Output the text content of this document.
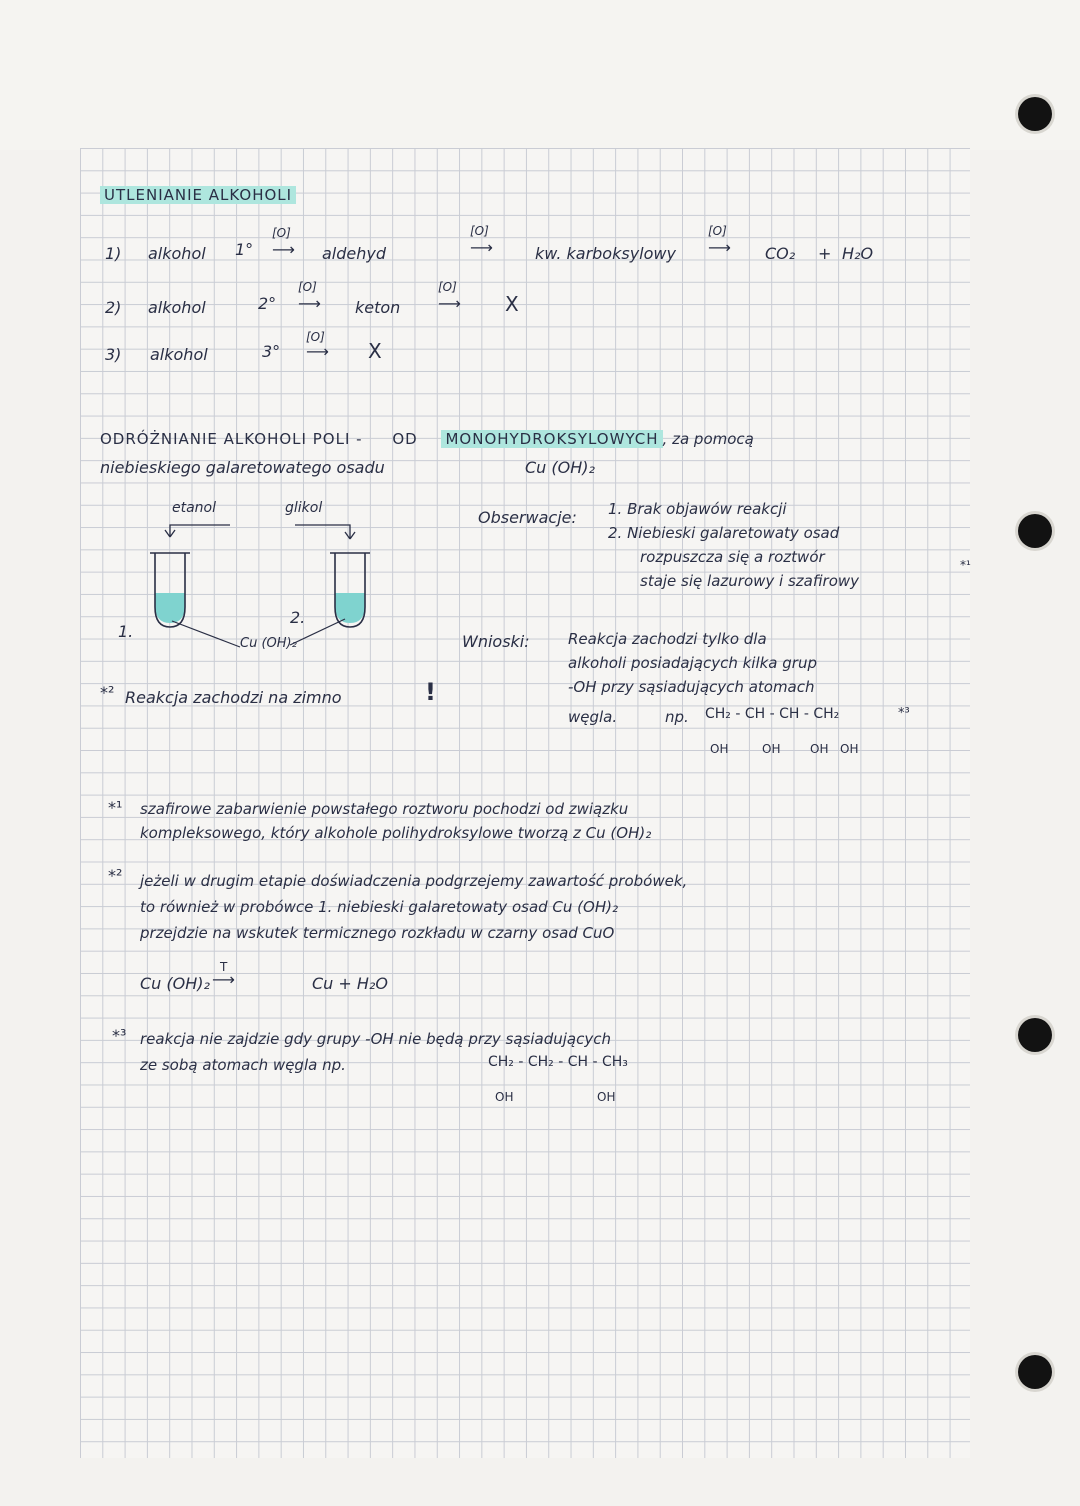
UTLENIANIE ALKOHOLI
1) alkohol 1°
[O]
⟶ aldehyd
[O]
⟶	kw. karboksylowy
[O]
⟶ CO₂ + H₂O
2) alkohol	2°
[O]
⟶ keton
[O]
⟶ X
3) alkohol	3°
[O]
⟶ X
ODRÓŻNIANIE ALKOHOLI POLI - OD MONOHYDROKSYLOWYCH , za pomocą
niebieskiego galaretowatego osadu	Cu (OH)₂
etanol	glikol
1.
2.
Cu (OH)₂
*² Reakcja zachodzi na zimno	!
Obserwacje: 1. Brak objawów reakcji
2. Niebieski galaretowaty osad
rozpuszcza się a roztwór
staje się lazurowy i szafirowy
*¹
Wnioski:	Reakcja zachodzi tylko dla
alkoholi posiadających kilka grup
-OH przy sąsiadujących atomach
węgla.	np. CH₂ - CH - CH - CH₂	*³
OH	OH OH OH
*¹ szafirowe zabarwienie powstałego roztworu pochodzi od związku
kompleksowego, który alkohole polihydroksylowe tworzą z Cu (OH)₂
*² jeżeli w drugim etapie doświadczenia podgrzejemy zawartość probówek,
to również w probówce 1. niebieski galaretowaty osad Cu (OH)₂
przejdzie na wskutek termicznego rozkładu w czarny osad CuO
Cu (OH)₂
T
⟶	Cu + H₂O
*³ reakcja nie zajdzie gdy grupy -OH nie będą przy sąsiadujących
ze sobą atomach węgla np.	CH₂ - CH₂ - CH - CH₃
OH	OH
